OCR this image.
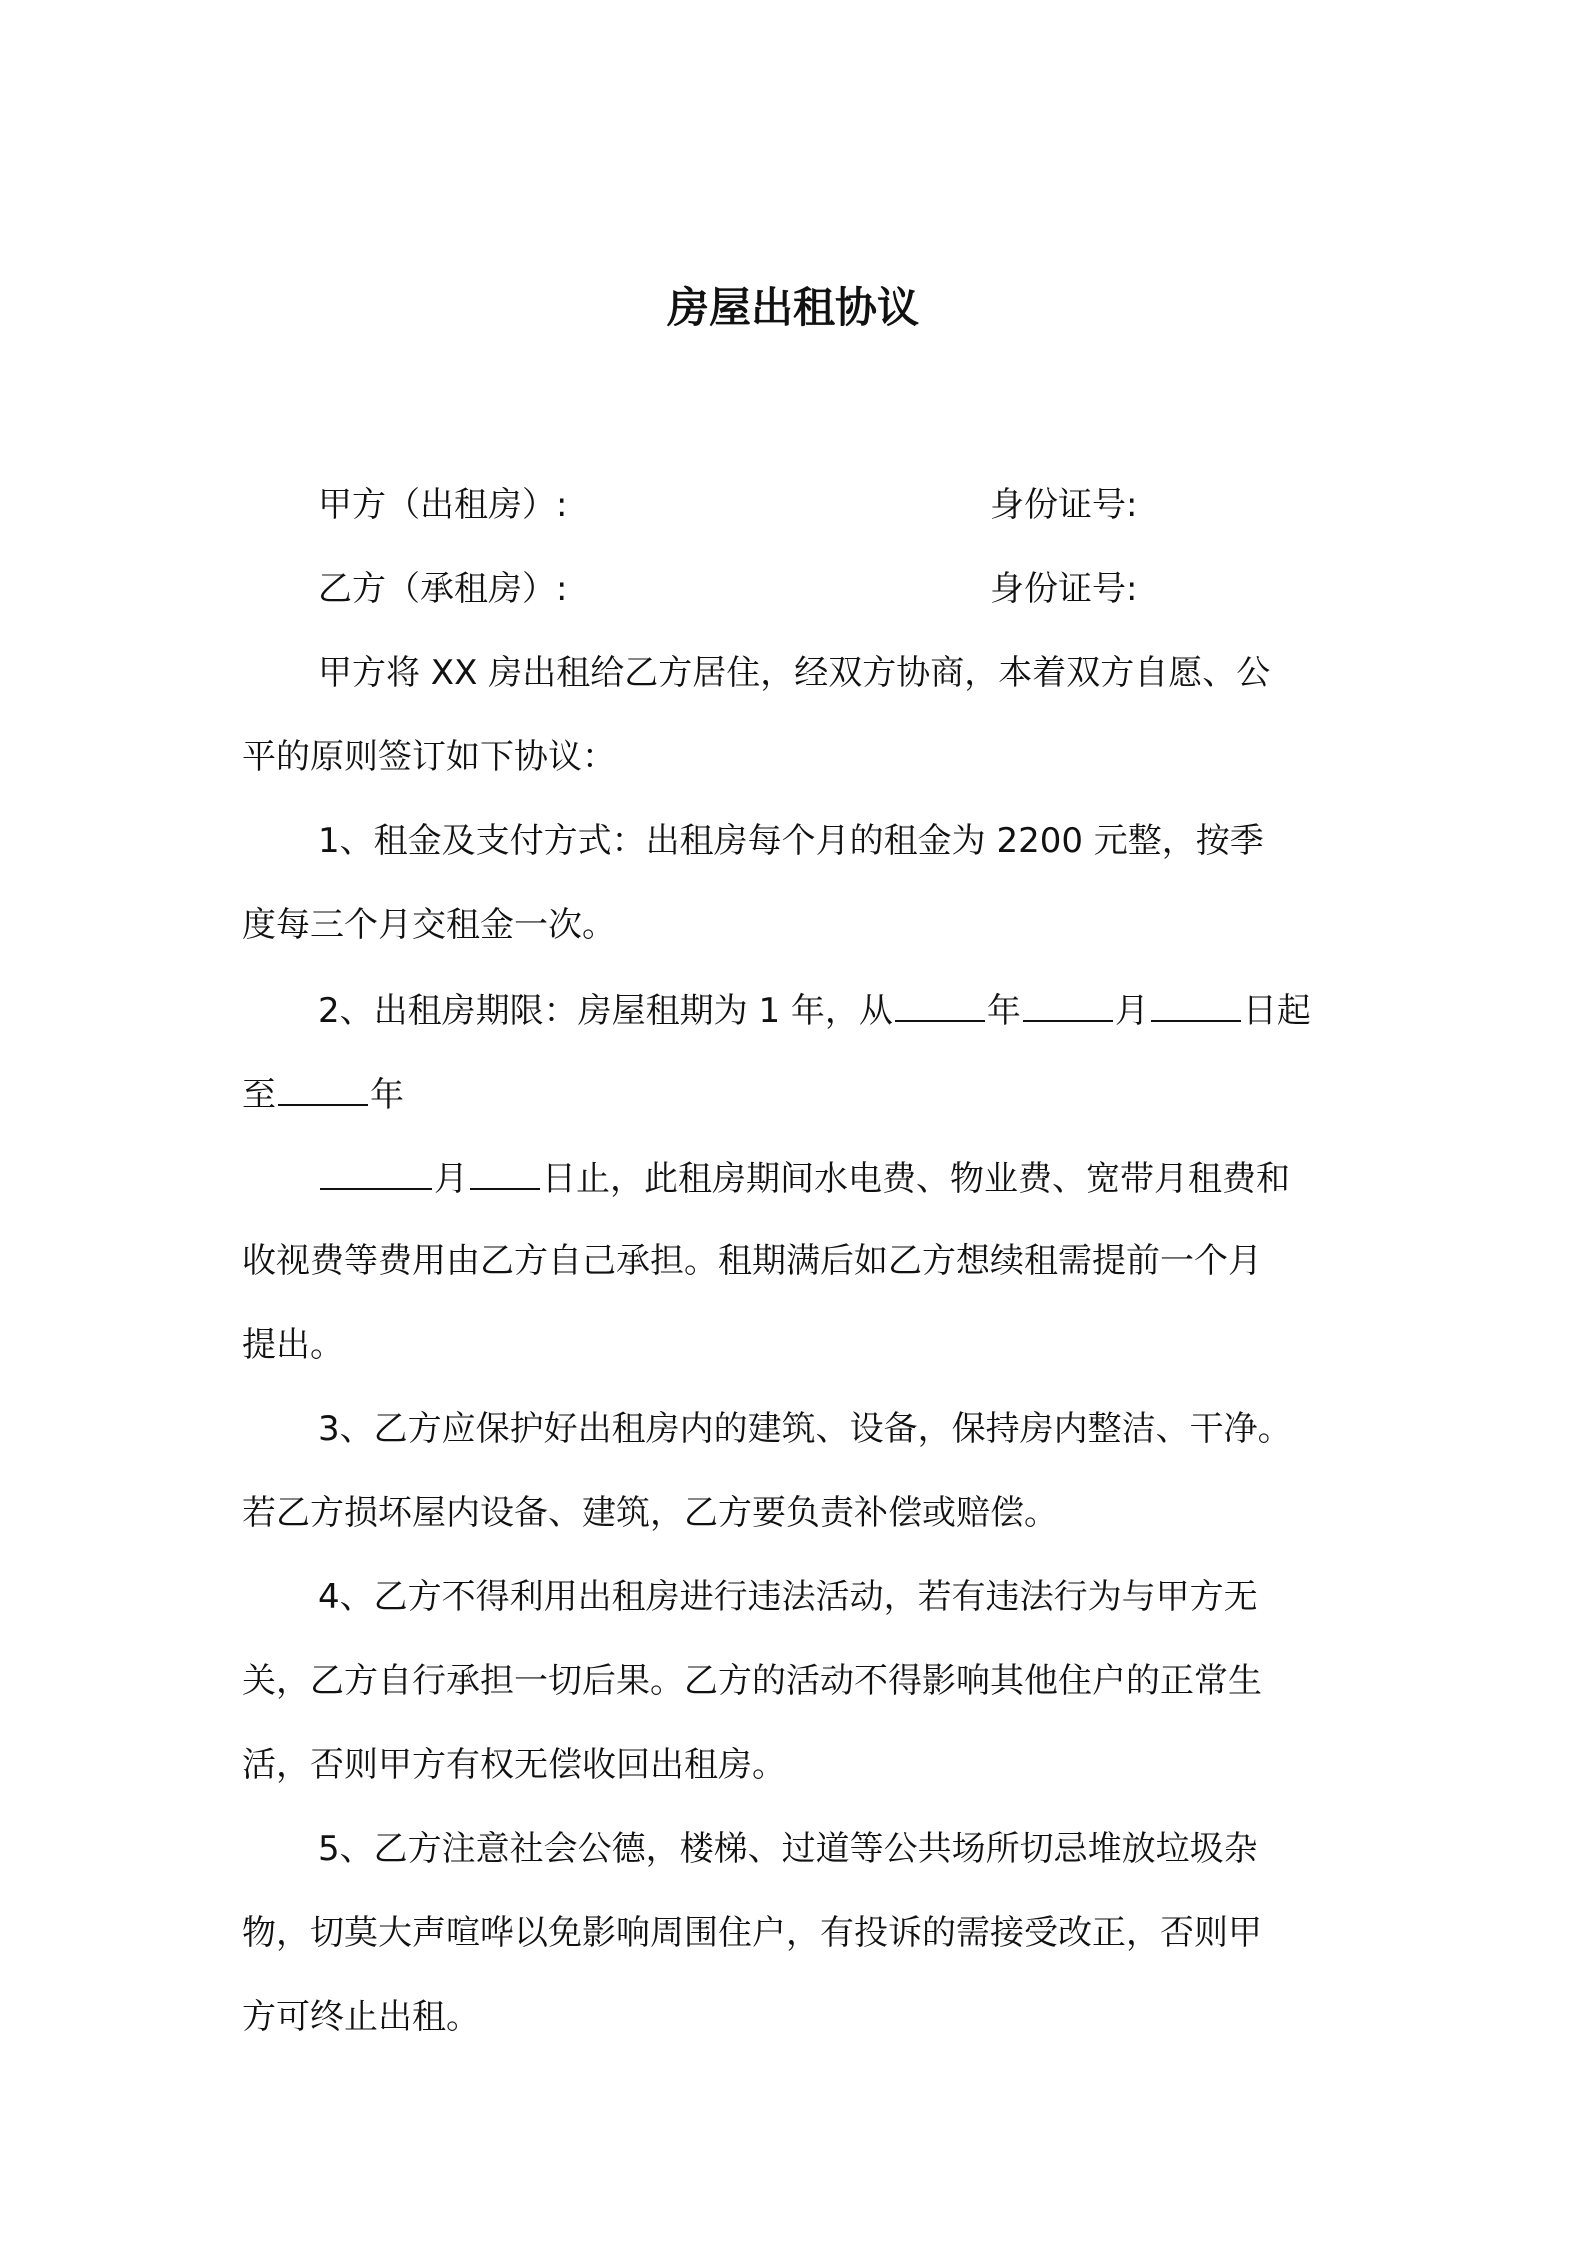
房屋出租协议
甲方（出租房）:	身份证号:
乙方（承租房）:	身份证号:
甲方将 XX 房出租给乙方居住，经双方协商，本着双方自愿、公
平的原则签订如下协议：
1、租金及支付方式：出租房每个月的租金为 2200 元整，按季
度每三个月交租金一次。
2、出租房期限：房屋租期为 1 年，从	年	月	日起
至	年
月 日止，此租房期间水电费、物业费、宽带月租费和
收视费等费用由乙方自己承担。租期满后如乙方想续租需提前一个月
提出。
3、乙方应保护好出租房内的建筑、设备，保持房内整洁、干净。
若乙方损坏屋内设备、建筑，乙方要负责补偿或赔偿。
4、乙方不得利用出租房进行违法活动，若有违法行为与甲方无
关，乙方自行承担一切后果。乙方的活动不得影响其他住户的正常生
活，否则甲方有权无偿收回出租房。
5、乙方注意社会公德，楼梯、过道等公共场所切忌堆放垃圾杂
物，切莫大声喧哗以免影响周围住户，有投诉的需接受改正，否则甲
方可终止出租。
